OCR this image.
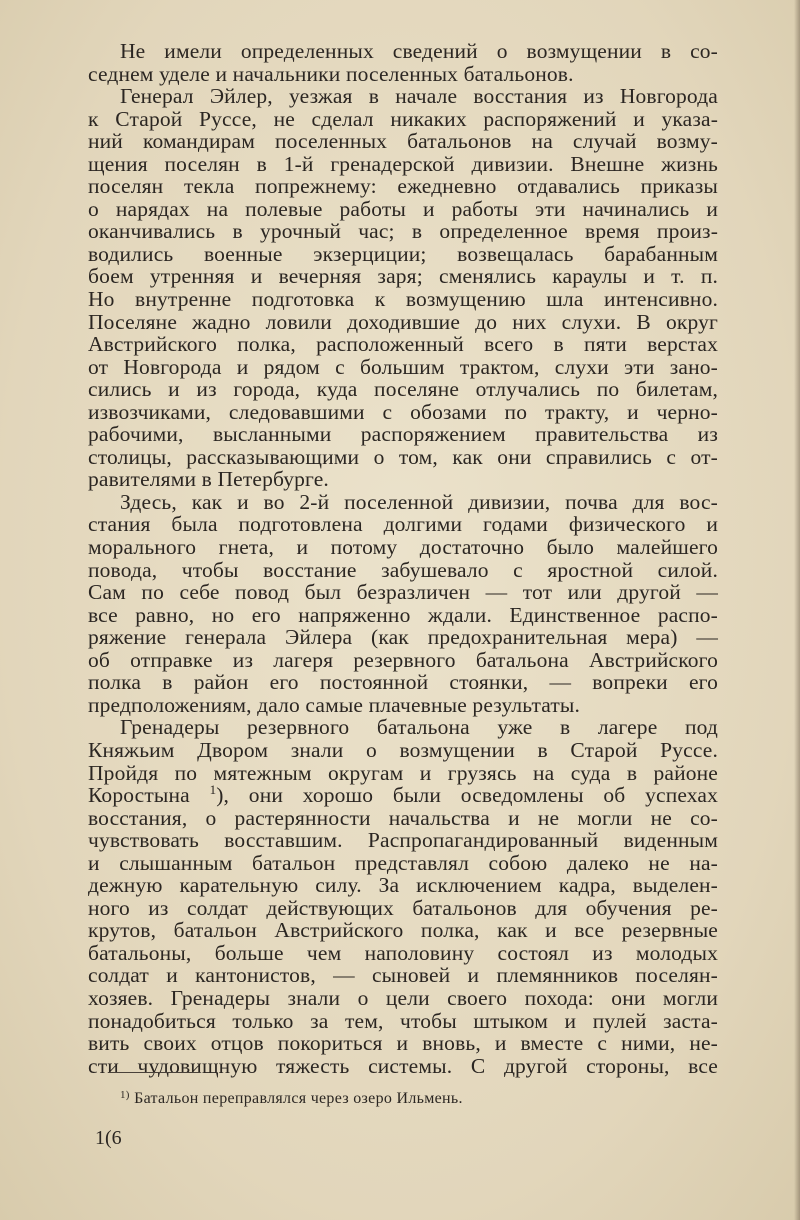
Не имели определенных сведений о возмущении в со-
седнем уделе и начальники поселенных батальонов.
Генерал Эйлер, уезжая в начале восстания из Новгорода
к Старой Руссе, не сделал никаких распоряжений и указа-
ний командирам поселенных батальонов на случай возму-
щения поселян в 1-й гренадерской дивизии. Внешне жизнь
поселян текла попрежнему: ежедневно отдавались приказы
о нарядах на полевые работы и работы эти начинались и
оканчивались в урочный час; в определенное время произ-
водились военные экзерциции; возвещалась барабанным
боем утренняя и вечерняя заря; сменялись караулы и т. п.
Но внутренне подготовка к возмущению шла интенсивно.
Поселяне жадно ловили доходившие до них слухи. В округ
Австрийского полка, расположенный всего в пяти верстах
от Новгорода и рядом с большим трактом, слухи эти зано-
сились и из города, куда поселяне отлучались по билетам,
извозчиками, следовавшими с обозами по тракту, и черно-
рабочими, высланными распоряжением правительства из
столицы, рассказывающими о том, как они справились с от-
равителями в Петербурге.
Здесь, как и во 2-й поселенной дивизии, почва для вос-
стания была подготовлена долгими годами физического и
морального гнета, и потому достаточно было малейшего
повода, чтобы восстание забушевало с яростной силой.
Сам по себе повод был безразличен — тот или другой —
все равно, но его напряженно ждали. Единственное распо-
ряжение генерала Эйлера (как предохранительная мера) —
об отправке из лагеря резервного батальона Австрийского
полка в район его постоянной стоянки, — вопреки его
предположениям, дало самые плачевные результаты.
Гренадеры резервного батальона уже в лагере под
Княжьим Двором знали о возмущении в Старой Руссе.
Пройдя по мятежным округам и грузясь на суда в районе
Коростына $^1$), они хорошо были осведомлены об успехах
восстания, о растерянности начальства и не могли не со-
чувствовать восставшим. Распропагандированный виденным
и слышанным батальон представлял собою далеко не на-
дежную карательную силу. За исключением кадра, выделен-
ного из солдат действующих батальонов для обучения ре-
крутов, батальон Австрийского полка, как и все резервные
батальоны, больше чем наполовину состоял из молодых
солдат и кантонистов, — сыновей и племянников поселян-
хозяев. Гренадеры знали о цели своего похода: они могли
понадобиться только за тем, чтобы штыком и пулей заста-
вить своих отцов покориться и вновь, и вместе с ними, не-
сти чудовищную тяжесть системы. С другой стороны, все
$^{1)}$ Батальон переправлялся через озеро Ильмень.
1(6
